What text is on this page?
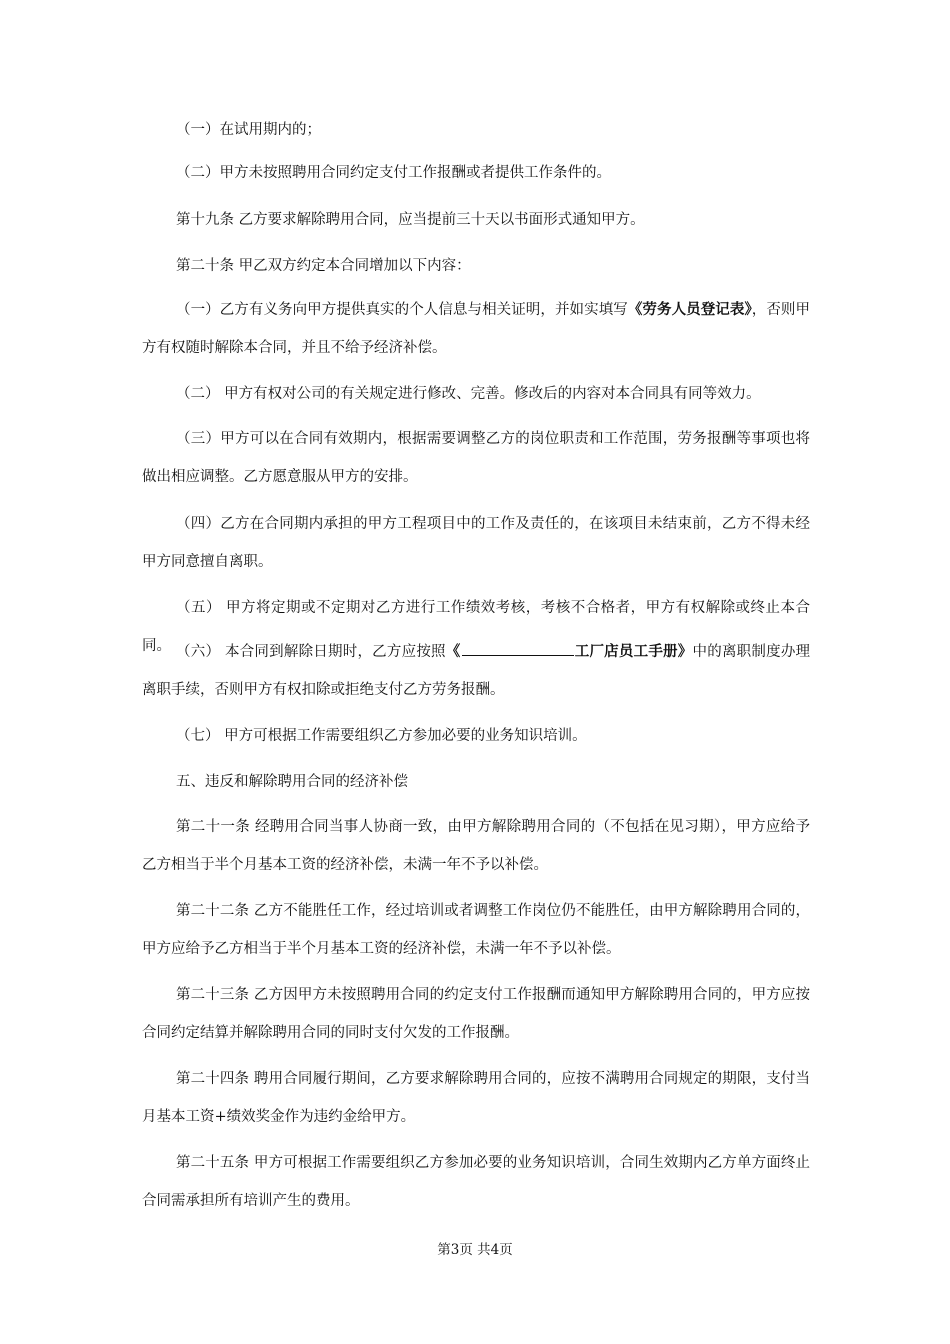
（一）在试用期内的；

（二）甲方未按照聘用合同约定支付工作报酬或者提供工作条件的。

第十九条 乙方要求解除聘用合同，应当提前三十天以书面形式通知甲方。

第二十条 甲乙双方约定本合同增加以下内容：

（一）乙方有义务向甲方提供真实的个人信息与相关证明，并如实填写《劳务人员登记表》，否则甲方有权随时解除本合同，并且不给予经济补偿。

（二） 甲方有权对公司的有关规定进行修改、完善。修改后的内容对本合同具有同等效力。

（三）甲方可以在合同有效期内，根据需要调整乙方的岗位职责和工作范围，劳务报酬等事项也将做出相应调整。乙方愿意服从甲方的安排。

（四）乙方在合同期内承担的甲方工程项目中的工作及责任的，在该项目未结束前，乙方不得未经甲方同意擅自离职。

（五） 甲方将定期或不定期对乙方进行工作绩效考核，考核不合格者，甲方有权解除或终止本合同。 （六） 本合同到解除日期时，乙方应按照《	工厂店员工手册》中的离职制度办理离职手续，否则甲方有权扣除或拒绝支付乙方劳务报酬。

（七） 甲方可根据工作需要组织乙方参加必要的业务知识培训。

五、违反和解除聘用合同的经济补偿

第二十一条 经聘用合同当事人协商一致，由甲方解除聘用合同的（不包括在见习期），甲方应给予乙方相当于半个月基本工资的经济补偿，未满一年不予以补偿。

第二十二条 乙方不能胜任工作，经过培训或者调整工作岗位仍不能胜任，由甲方解除聘用合同的，甲方应给予乙方相当于半个月基本工资的经济补偿，未满一年不予以补偿。

第二十三条 乙方因甲方未按照聘用合同的约定支付工作报酬而通知甲方解除聘用合同的，甲方应按合同约定结算并解除聘用合同的同时支付欠发的工作报酬。

第二十四条 聘用合同履行期间，乙方要求解除聘用合同的，应按不满聘用合同规定的期限，支付当月基本工资+绩效奖金作为违约金给甲方。

第二十五条 甲方可根据工作需要组织乙方参加必要的业务知识培训，合同生效期内乙方单方面终止合同需承担所有培训产生的费用。

第3页 共4页
